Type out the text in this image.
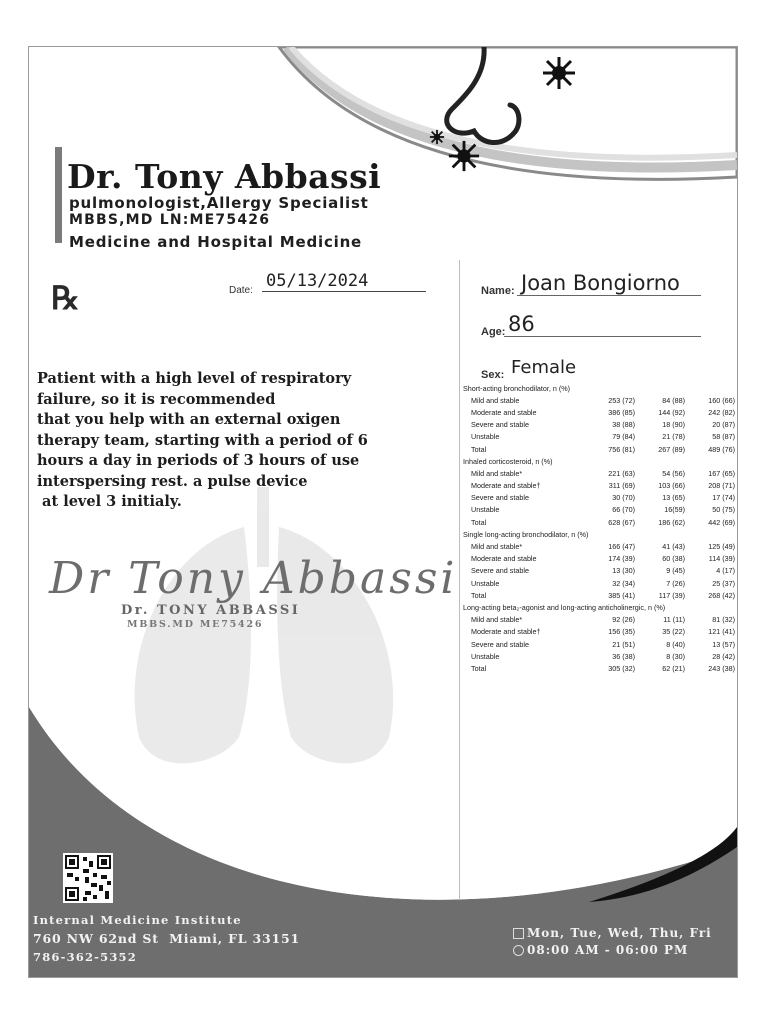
Dr. Tony Abbassi
pulmonologist,Allergy Specialist
MBBS,MD LN:ME75426
Medicine and Hospital Medicine
℞	Date: 05/13/2024
Patient with a high level of respiratory
failure, so it is recommended
that you help with an external oxigen
therapy team, starting with a period of 6
hours a day in periods of 3 hours of use
interspersing rest. a pulse device
at level 3 initialy.
Dr Tony Abbassi
Dr. TONY ABBASSI
MBBS.MD ME75426
Name: Joan Bongiorno
Age: 86
Sex: Female
Short-acting bronchodilator, n (%)			
Mild and stable	253 (72)	84 (88)	160 (66)
Moderate and stable	386 (85)	144 (92)	242 (82)
Severe and stable	38 (88)	18 (90)	20 (87)
Unstable	79 (84)	21 (78)	58 (87)
Total	756 (81)	267 (89)	489 (76)
Inhaled corticosteroid, n (%)			
Mild and stable*	221 (63)	54 (56)	167 (65)
Moderate and stable†	311 (69)	103 (66)	208 (71)
Severe and stable	30 (70)	13 (65)	17 (74)
Unstable	66 (70)	16(59)	50 (75)
Total	628 (67)	186 (62)	442 (69)
Single long-acting bronchodilator, n (%)			
Mild and stable*	166 (47)	41 (43)	125 (49)
Moderate and stable	174 (39)	60 (38)	114 (39)
Severe and stable	13 (30)	9 (45)	4 (17)
Unstable	32 (34)	7 (26)	25 (37)
Total	385 (41)	117 (39)	268 (42)
Long-acting beta₂-agonist and long-acting anticholinergic, n (%)			
Mild and stable*	92 (26)	11 (11)	81 (32)
Moderate and stable†	156 (35)	35 (22)	121 (41)
Severe and stable	21 (51)	8 (40)	13 (57)
Unstable	36 (38)	8 (30)	28 (42)
Total	305 (32)	62 (21)	243 (38)
Internal Medicine Institute
760 NW 62nd St  Miami, FL 33151
786-362-5352
Mon, Tue, Wed, Thu, Fri
08:00 AM - 06:00 PM
